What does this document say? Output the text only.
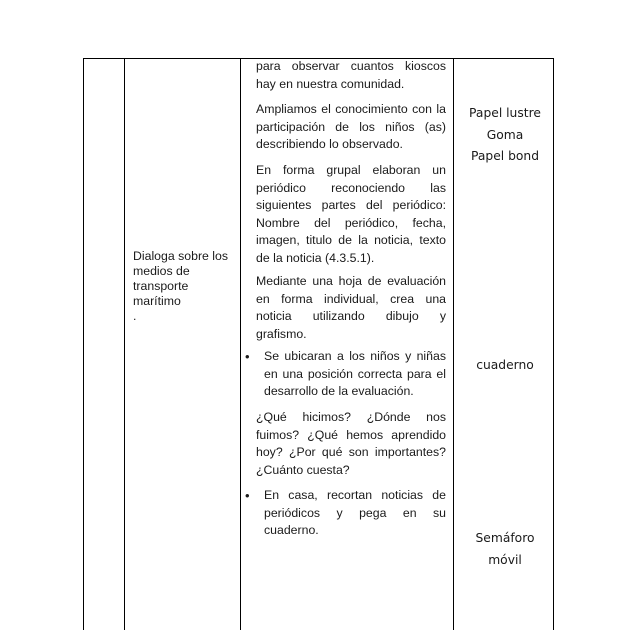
Dialoga sobre los
medios de
transporte
marítimo
.
para observar cuantos kioscos hay en nuestra comunidad.
Ampliamos el conocimiento con la participación de los niños (as) describiendo lo observado.
En forma grupal elaboran un periódico reconociendo las siguientes partes del periódico: Nombre del periódico, fecha, imagen, titulo de la noticia, texto de la noticia (4.3.5.1).
Mediante una hoja de evaluación en forma individual, crea una noticia utilizando dibujo y grafismo.
•	Se ubicaran a los niños y niñas en una posición correcta para el desarrollo de la evaluación.
¿Qué hicimos? ¿Dónde nos fuimos? ¿Qué hemos aprendido hoy? ¿Por qué son importantes? ¿Cuánto cuesta?
•	En casa, recortan noticias de periódicos y pega en su cuaderno.
Papel lustre
Goma
Papel bond
cuaderno
Semáforo
móvil
